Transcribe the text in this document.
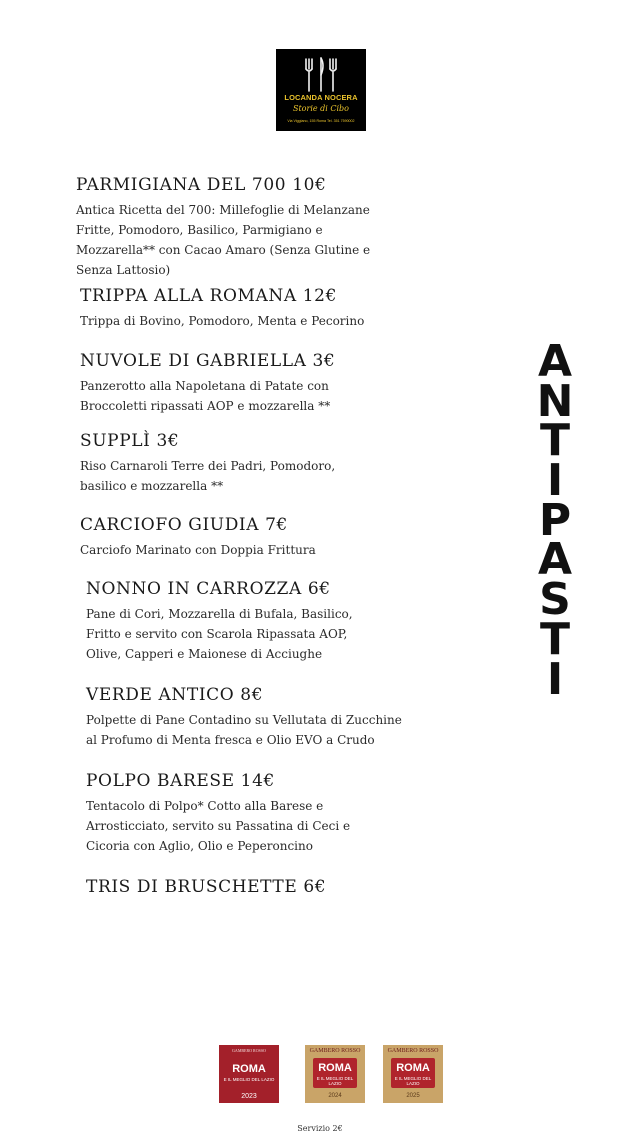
LOCANDA NOCERA
Storie di Cibo
Via Viggiano, 155 Roma Tel. 351 7590002
PARMIGIANA DEL 700 10€
Antica Ricetta del 700: Millefoglie di Melanzane
Fritte, Pomodoro, Basilico, Parmigiano e
Mozzarella** con Cacao Amaro (Senza Glutine e
Senza Lattosio)
TRIPPA ALLA ROMANA 12€
Trippa di Bovino, Pomodoro, Menta e Pecorino
NUVOLE DI GABRIELLA 3€
Panzerotto alla Napoletana di Patate con
Broccoletti ripassati AOP e mozzarella **
SUPPLÌ 3€
Riso Carnaroli Terre dei Padri, Pomodoro,
basilico e mozzarella **
CARCIOFO GIUDIA 7€
Carciofo Marinato con Doppia Frittura
NONNO IN CARROZZA 6€
Pane di Cori, Mozzarella di Bufala, Basilico,
Fritto e servito con Scarola Ripassata AOP,
Olive, Capperi e Maionese di Acciughe
VERDE ANTICO 8€
Polpette di Pane Contadino su Vellutata di Zucchine
al Profumo di Menta fresca e Olio EVO a Crudo
POLPO BARESE 14€
Tentacolo di Polpo* Cotto alla Barese e
Arrosticciato, servito su Passatina di Ceci e
Cicoria con Aglio, Olio e Peperoncino
TRIS DI BRUSCHETTE 6€
A
N
T
I
P
A
S
T
I
GAMBERO ROSSO
ROMA
E IL MEGLIO DEL LAZIO
2023
GAMBERO ROSSO
ROMA
E IL MEGLIO DEL LAZIO
2024
GAMBERO ROSSO
ROMA
E IL MEGLIO DEL LAZIO
2025
Servizio 2€
